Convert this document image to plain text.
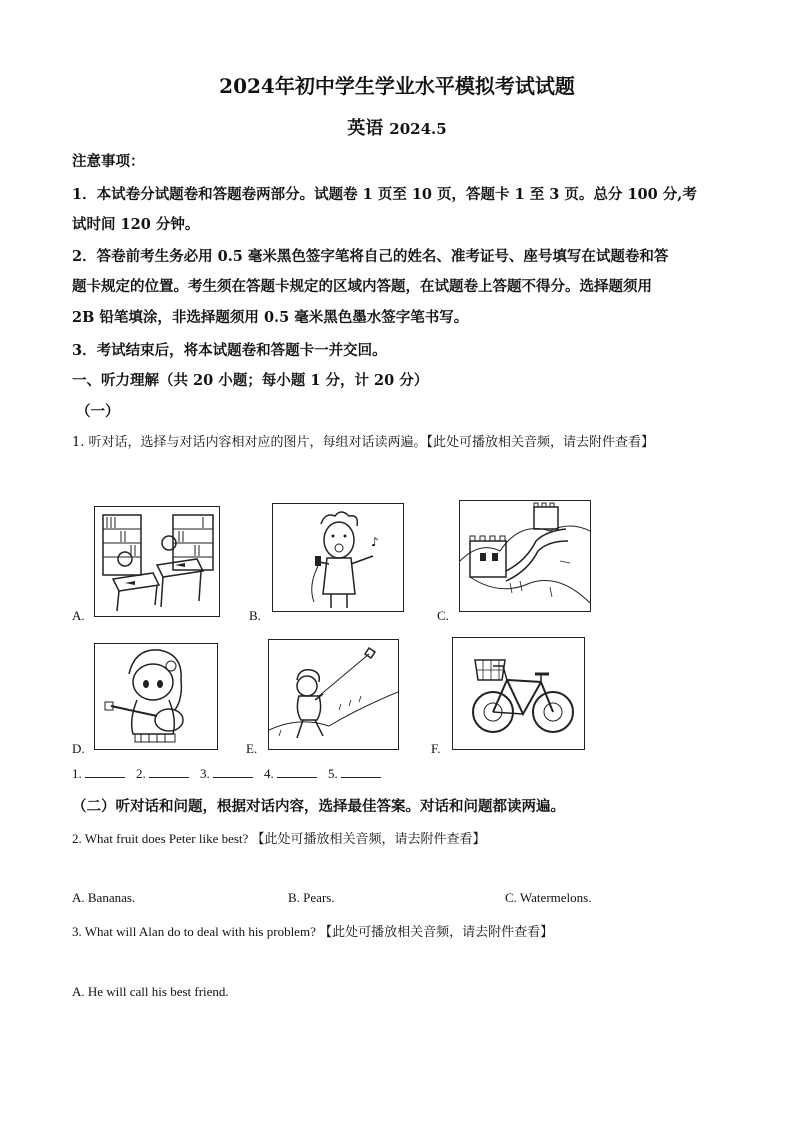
2024年初中学生学业水平模拟考试试题
英语 2024.5
注意事项：
1．本试卷分试题卷和答题卷两部分。试题卷 1 页至 10 页，答题卡 1 至 3 页。总分 100 分,考
试时间 120 分钟。
2．答卷前考生务必用 0.5 毫米黑色签字笔将自己的姓名、准考证号、座号填写在试题卷和答
题卡规定的位置。考生须在答题卡规定的区域内答题，在试题卷上答题不得分。选择题须用
2B 铅笔填涂，非选择题须用 0.5 毫米黑色墨水签字笔书写。
3．考试结束后，将本试题卷和答题卡一并交回。
一、听力理解（共 20 小题；每小题 1 分，计 20 分）
（一）
1. 听对话，选择与对话内容相对应的图片，每组对话读两遍。【此处可播放相关音频，请去附件查看】
A.	B.
♪
C.
D.	E.	F.
1.	2.	3.	4.	5.
（二）听对话和问题，根据对话内容，选择最佳答案。对话和问题都读两遍。
2. What fruit does Peter like best? 【此处可播放相关音频，请去附件查看】
A. Bananas.	B. Pears.	C. Watermelons.
3. What will Alan do to deal with his problem? 【此处可播放相关音频，请去附件查看】
A. He will call his best friend.
